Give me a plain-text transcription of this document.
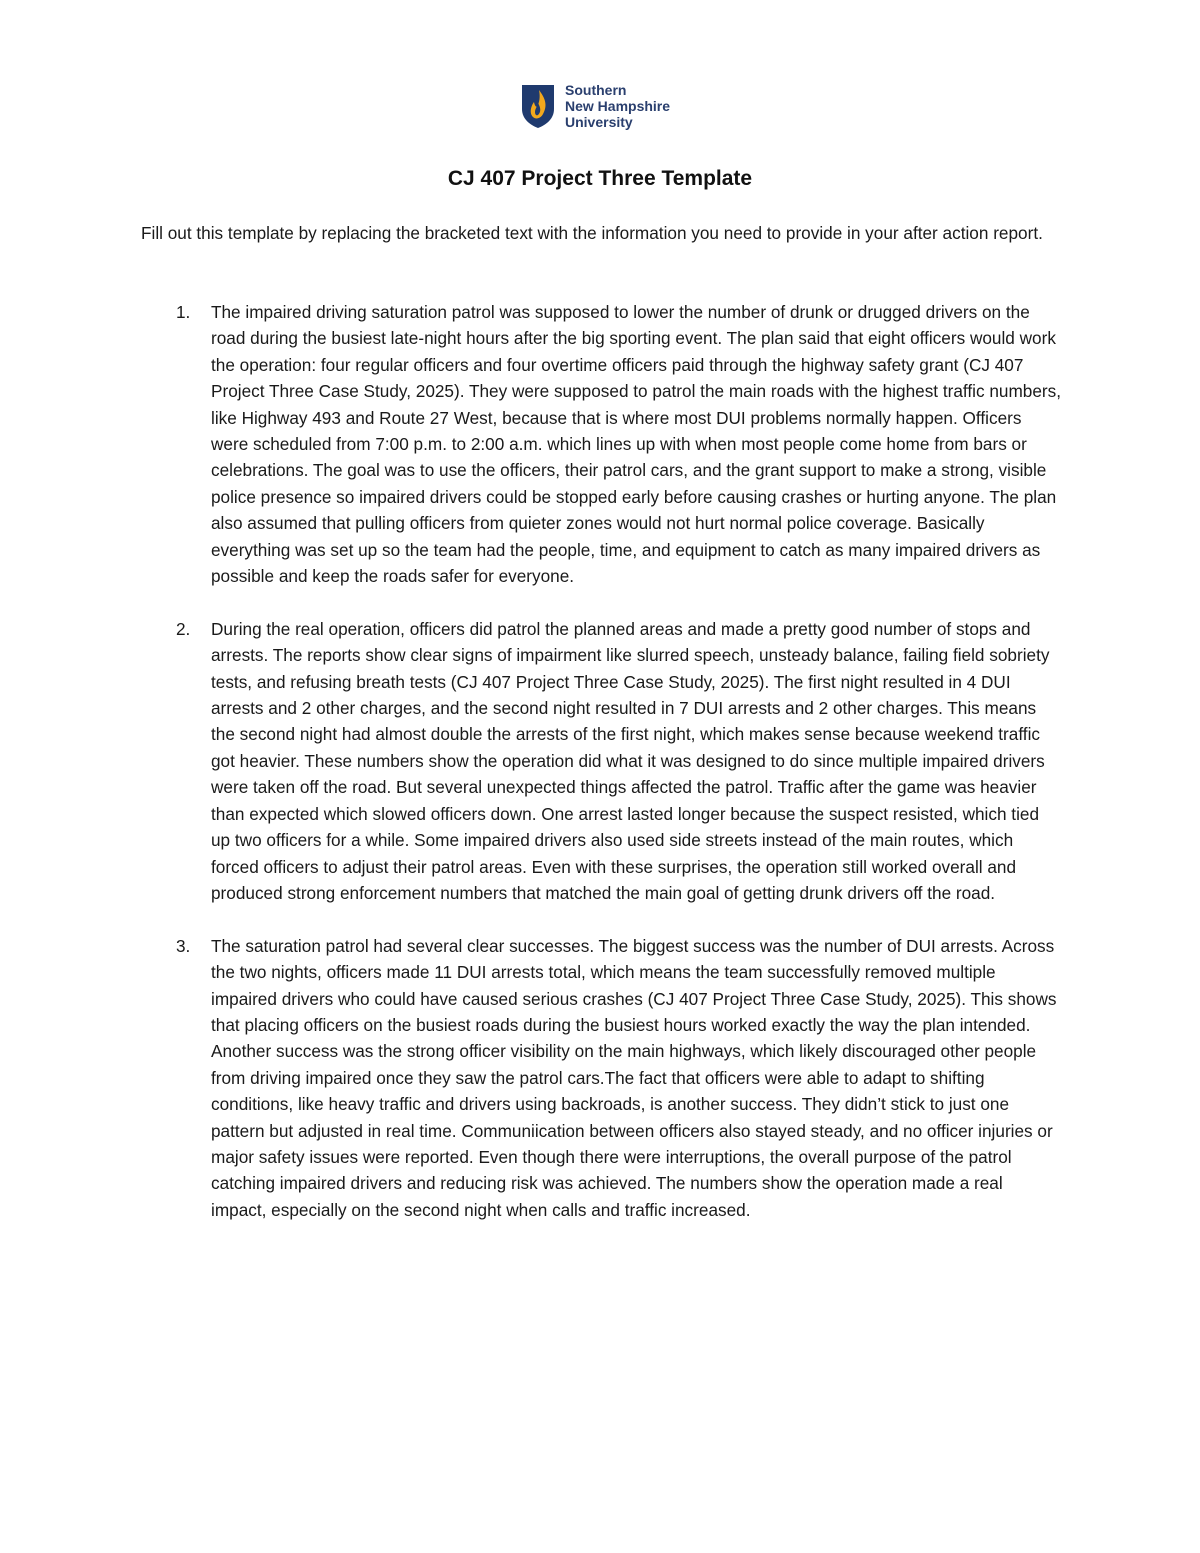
Southern
New Hampshire
University
CJ 407 Project Three Template

Fill out this template by replacing the bracketed text with the information you need to provide in your after action report.

1. The impaired driving saturation patrol was supposed to lower the number of drunk or drugged drivers on the road during the busiest late-night hours after the big sporting event. The plan said that eight officers would work the operation: four regular officers and four overtime officers paid through the highway safety grant (CJ 407 Project Three Case Study, 2025). They were supposed to patrol the main roads with the highest traffic numbers, like Highway 493 and Route 27 West, because that is where most DUI problems normally happen. Officers were scheduled from 7:00 p.m. to 2:00 a.m. which lines up with when most people come home from bars or celebrations. The goal was to use the officers, their patrol cars, and the grant support to make a strong, visible police presence so impaired drivers could be stopped early before causing crashes or hurting anyone. The plan also assumed that pulling officers from quieter zones would not hurt normal police coverage. Basically everything was set up so the team had the people, time, and equipment to catch as many impaired drivers as possible and keep the roads safer for everyone.
2. During the real operation, officers did patrol the planned areas and made a pretty good number of stops and arrests. The reports show clear signs of impairment like slurred speech, unsteady balance, failing field sobriety tests, and refusing breath tests (CJ 407 Project Three Case Study, 2025). The first night resulted in 4 DUI arrests and 2 other charges, and the second night resulted in 7 DUI arrests and 2 other charges. This means the second night had almost double the arrests of the first night, which makes sense because weekend traffic got heavier. These numbers show the operation did what it was designed to do since multiple impaired drivers were taken off the road. But several unexpected things affected the patrol. Traffic after the game was heavier than expected which slowed officers down. One arrest lasted longer because the suspect resisted, which tied up two officers for a while. Some impaired drivers also used side streets instead of the main routes, which forced officers to adjust their patrol areas. Even with these surprises, the operation still worked overall and produced strong enforcement numbers that matched the main goal of getting drunk drivers off the road.
3. The saturation patrol had several clear successes. The biggest success was the number of DUI arrests. Across the two nights, officers made 11 DUI arrests total, which means the team successfully removed multiple impaired drivers who could have caused serious crashes (CJ 407 Project Three Case Study, 2025). This shows that placing officers on the busiest roads during the busiest hours worked exactly the way the plan intended. Another success was the strong officer visibility on the main highways, which likely discouraged other people from driving impaired once they saw the patrol cars.The fact that officers were able to adapt to shifting conditions, like heavy traffic and drivers using backroads, is another success. They didn’t stick to just one pattern but adjusted in real time. Communiication between officers also stayed steady, and no officer injuries or major safety issues were reported. Even though there were interruptions, the overall purpose of the patrol catching impaired drivers and reducing risk was achieved. The numbers show the operation made a real impact, especially on the second night when calls and traffic increased.
